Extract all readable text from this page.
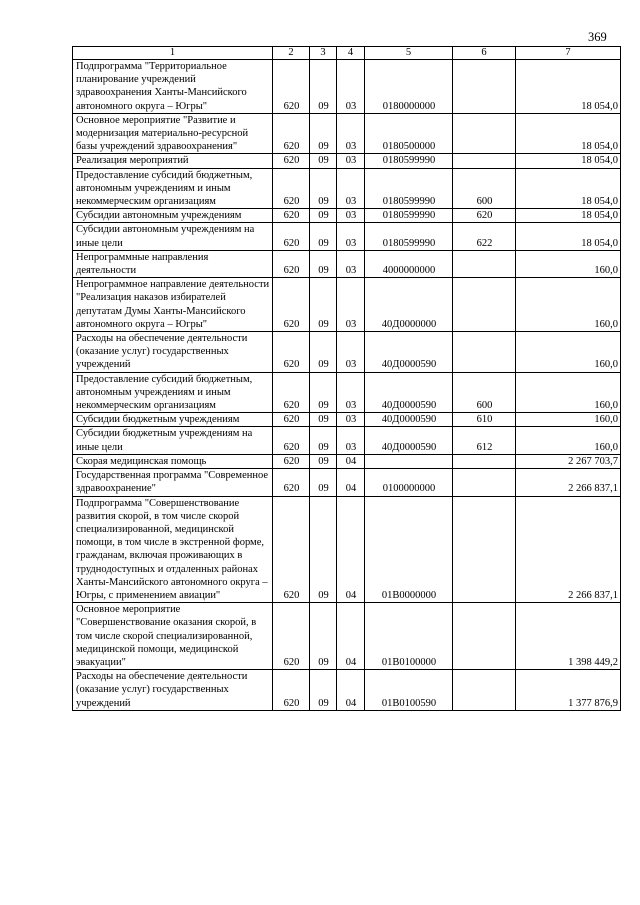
369
1	2	3	4	5	6	7
Подпрограмма "Территориальное планирование учреждений здравоохранения Ханты-Мансийского автономного округа – Югры"	620	09	03	0180000000		18 054,0
Основное мероприятие "Развитие и модернизация материально-ресурсной базы учреждений здравоохранения"	620	09	03	0180500000		18 054,0
Реализация мероприятий	620	09	03	0180599990		18 054,0
Предоставление субсидий бюджетным, автономным учреждениям и иным некоммерческим организациям	620	09	03	0180599990	600	18 054,0
Субсидии автономным учреждениям	620	09	03	0180599990	620	18 054,0
Субсидии автономным учреждениям на иные цели	620	09	03	0180599990	622	18 054,0
Непрограммные направления деятельности	620	09	03	4000000000		160,0
Непрограммное направление деятельности "Реализация наказов избирателей депутатам Думы Ханты-Мансийского автономного округа – Югры"	620	09	03	40Д0000000		160,0
Расходы на обеспечение деятельности (оказание услуг) государственных учреждений	620	09	03	40Д0000590		160,0
Предоставление субсидий бюджетным, автономным учреждениям и иным некоммерческим организациям	620	09	03	40Д0000590	600	160,0
Субсидии бюджетным учреждениям	620	09	03	40Д0000590	610	160,0
Субсидии бюджетным учреждениям на иные цели	620	09	03	40Д0000590	612	160,0
Скорая медицинская помощь	620	09	04			2 267 703,7
Государственная программа "Современное здравоохранение"	620	09	04	0100000000		2 266 837,1
Подпрограмма "Совершенствование развития скорой, в том числе скорой специализированной, медицинской помощи, в том числе в экстренной форме, гражданам, включая проживающих в труднодоступных и отдаленных районах Ханты-Мансийского автономного округа – Югры, с применением авиации"	620	09	04	01В0000000		2 266 837,1
Основное мероприятие "Совершенствование оказания скорой, в том числе скорой специализированной, медицинской помощи, медицинской эвакуации"	620	09	04	01В0100000		1 398 449,2
Расходы на обеспечение деятельности (оказание услуг) государственных учреждений	620	09	04	01В0100590		1 377 876,9
